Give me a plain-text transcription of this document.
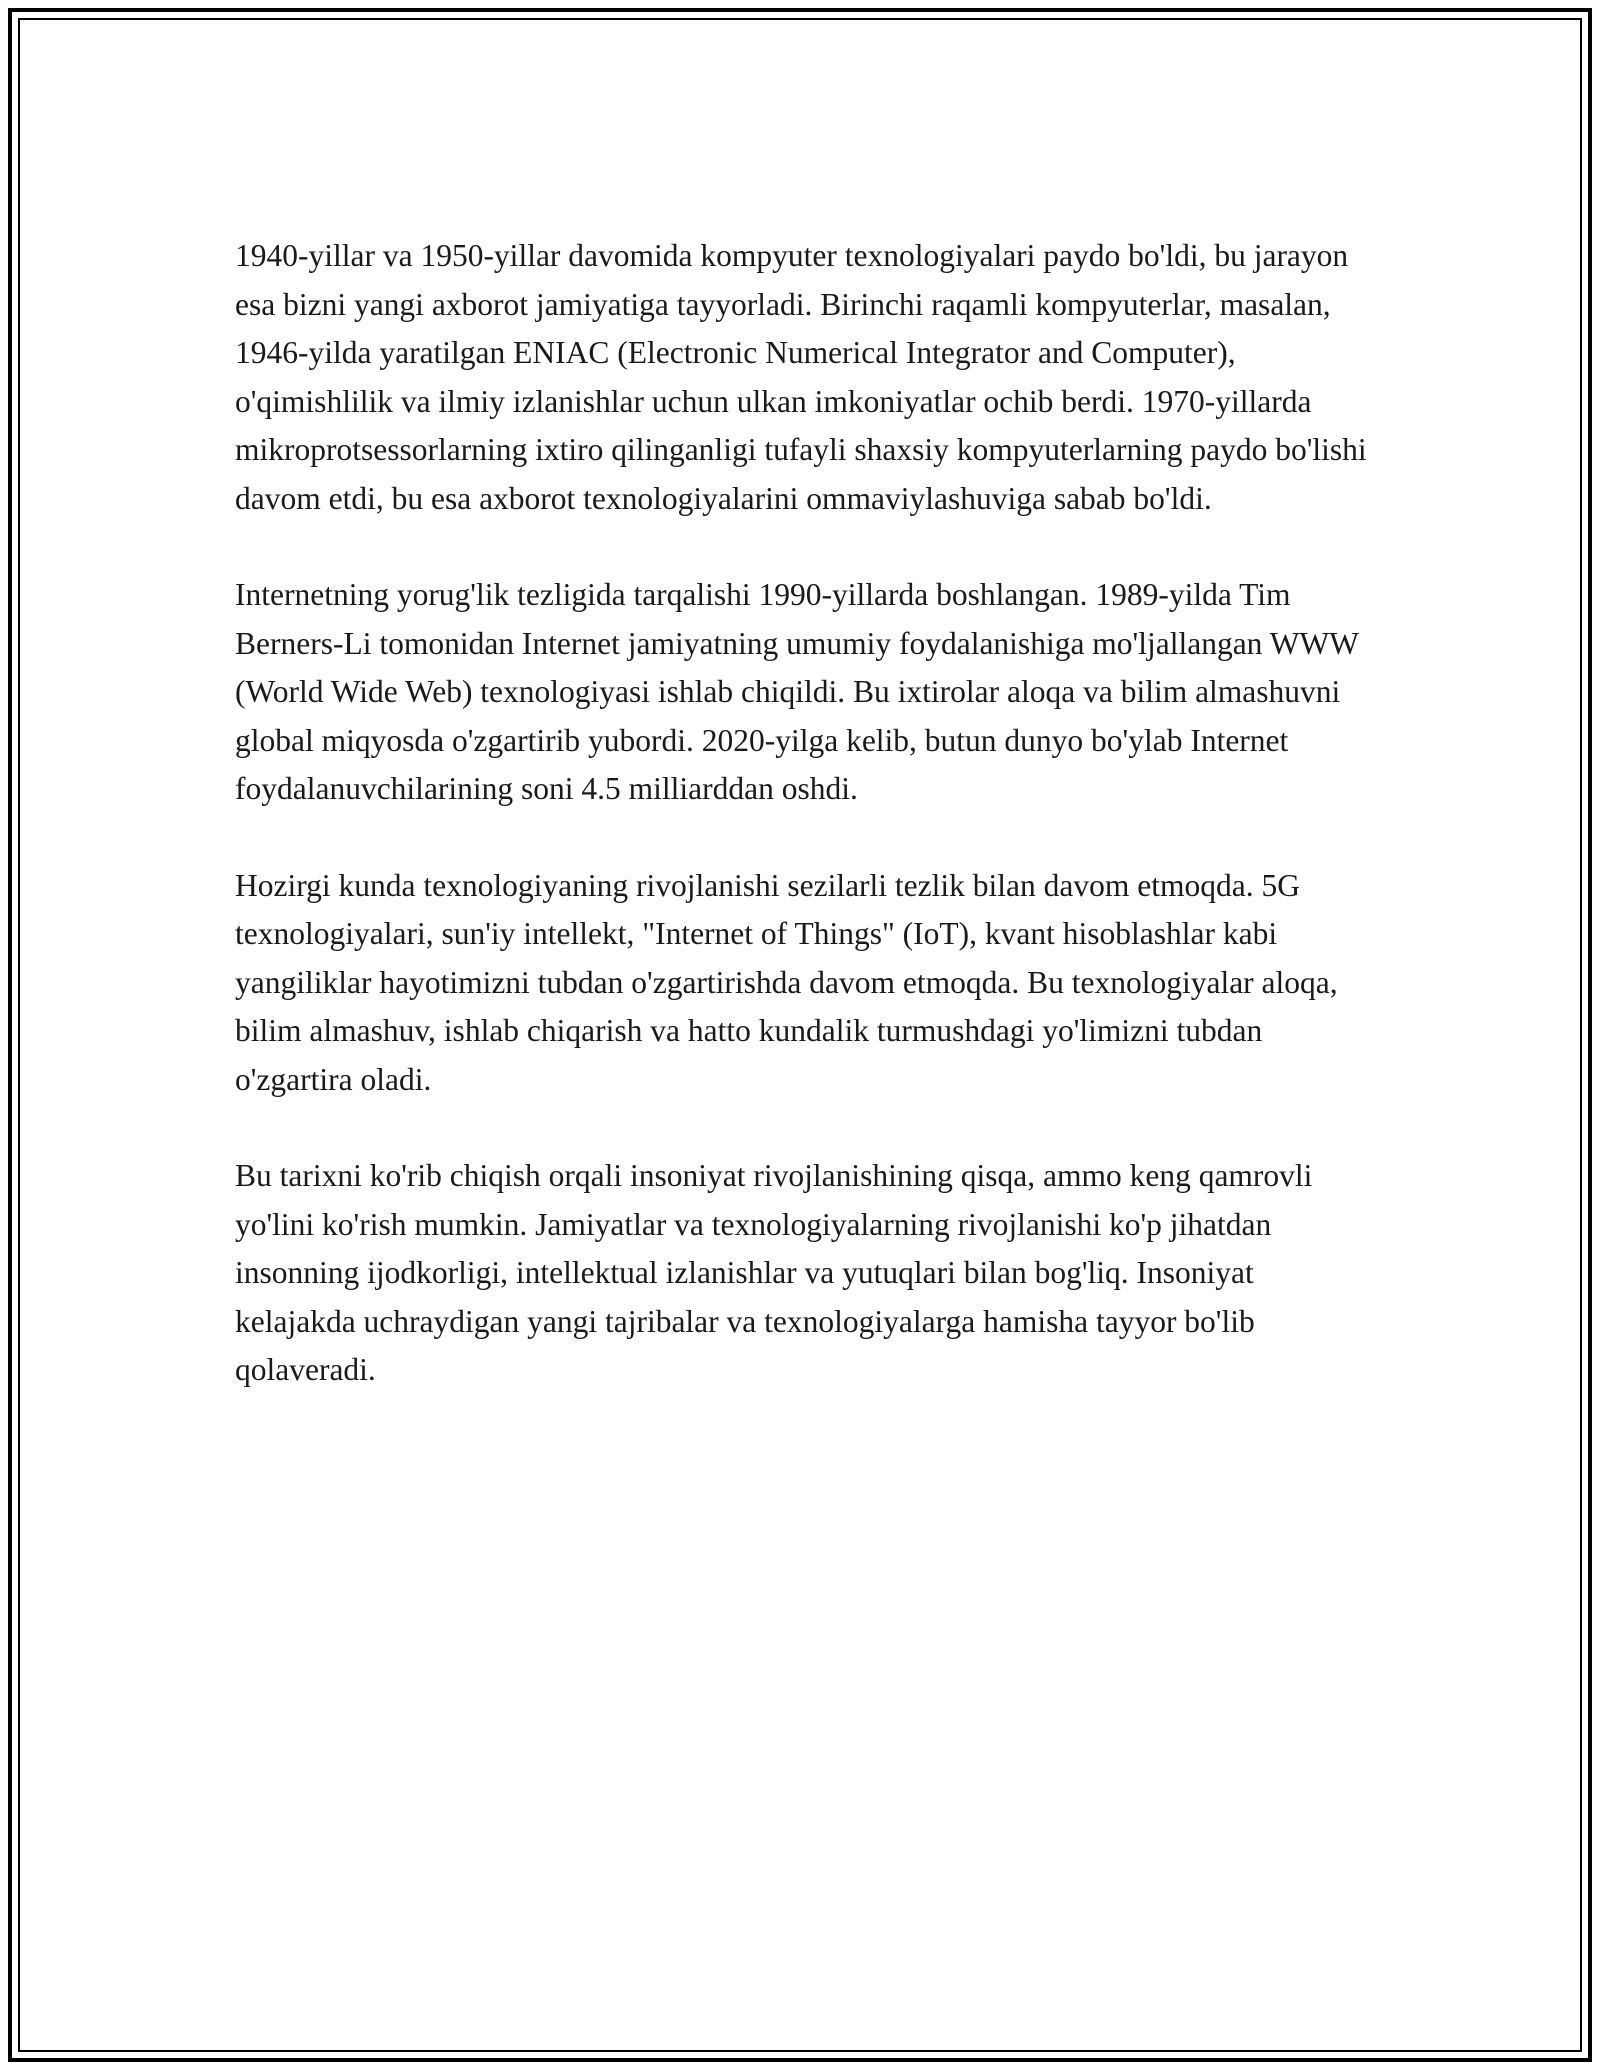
1940-yillar va 1950-yillar davomida kompyuter texnologiyalari paydo bo'ldi, bu jarayon esa bizni yangi axborot jamiyatiga tayyorladi. Birinchi raqamli kompyuterlar, masalan, 1946-yilda yaratilgan ENIAC (Electronic Numerical Integrator and Computer), o'qimishlilik va ilmiy izlanishlar uchun ulkan imkoniyatlar ochib berdi. 1970-yillarda mikroprotsessorlarning ixtiro qilinganligi tufayli shaxsiy kompyuterlarning paydo bo'lishi davom etdi, bu esa axborot texnologiyalarini ommaviylashuviga sabab bo'ldi.

Internetning yorug'lik tezligida tarqalishi 1990-yillarda boshlangan. 1989-yilda Tim Berners-Li tomonidan Internet jamiyatning umumiy foydalanishiga mo'ljallangan WWW (World Wide Web) texnologiyasi ishlab chiqildi. Bu ixtirolar aloqa va bilim almashuvni global miqyosda o'zgartirib yubordi. 2020-yilga kelib, butun dunyo bo'ylab Internet foydalanuvchilarining soni 4.5 milliarddan oshdi.

Hozirgi kunda texnologiyaning rivojlanishi sezilarli tezlik bilan davom etmoqda. 5G texnologiyalari, sun'iy intellekt, "Internet of Things" (IoT), kvant hisoblashlar kabi yangiliklar hayotimizni tubdan o'zgartirishda davom etmoqda. Bu texnologiyalar aloqa, bilim almashuv, ishlab chiqarish va hatto kundalik turmushdagi yo'limizni tubdan o'zgartira oladi.

Bu tarixni ko'rib chiqish orqali insoniyat rivojlanishining qisqa, ammo keng qamrovli yo'lini ko'rish mumkin. Jamiyatlar va texnologiyalarning rivojlanishi ko'p jihatdan insonning ijodkorligi, intellektual izlanishlar va yutuqlari bilan bog'liq. Insoniyat kelajakda uchraydigan yangi tajribalar va texnologiyalarga hamisha tayyor bo'lib qolaveradi.
